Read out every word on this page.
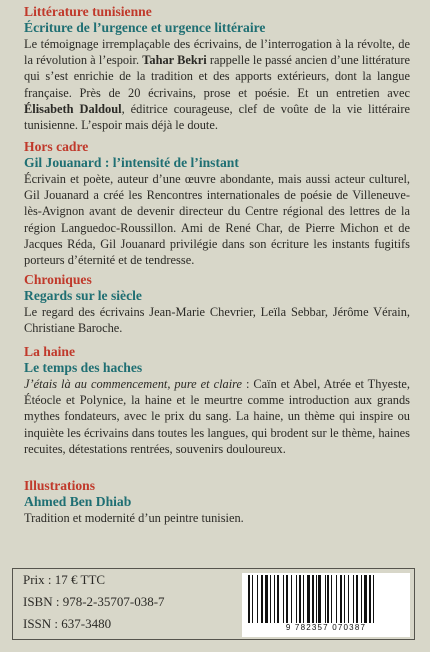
Littérature tunisienne

Écriture de l’urgence et urgence littéraire

Le témoignage irremplaçable des écrivains, de l’interrogation à la révolte, de la révolution à l’espoir. Tahar Bekri rappelle le passé ancien d’une littérature qui s’est enrichie de la tradition et des apports extérieurs, dont la langue française. Près de 20 écrivains, prose et poésie. Et un entretien avec Élisabeth Daldoul, éditrice courageuse, clef de voûte de la vie littéraire tunisienne. L’espoir mais déjà le doute.

Hors cadre

Gil Jouanard : l’intensité de l’instant

Écrivain et poète, auteur d’une œuvre abondante, mais aussi acteur culturel, Gil Jouanard a créé les Rencontres internationales de poésie de Villeneuve-lès-Avignon avant de devenir directeur du Centre régional des lettres de la région Languedoc-Roussillon. Ami de René Char, de Pierre Michon et de Jacques Réda, Gil Jouanard privilégie dans son écriture les instants fugitifs porteurs d’éternité et de tendresse.

Chroniques

Regards sur le siècle

Le regard des écrivains Jean-Marie Chevrier, Leïla Sebbar, Jérôme Vérain, Christiane Baroche.

La haine

Le temps des haches

J’étais là au commencement, pure et claire : Caïn et Abel, Atrée et Thyeste, Étéocle et Polynice, la haine et le meurtre comme introduction aux grands mythes fondateurs, avec le prix du sang. La haine, un thème qui inspire ou inquiète les écrivains dans toutes les langues, qui brodent sur le thème, haines recuites, détestations rentrées, souvenirs douloureux.

Illustrations

Ahmed Ben Dhiab

Tradition et modernité d’un peintre tunisien.

Prix : 17 € TTC
ISBN : 978-2-35707-038-7
ISSN : 637-3480	9 782357 070387
